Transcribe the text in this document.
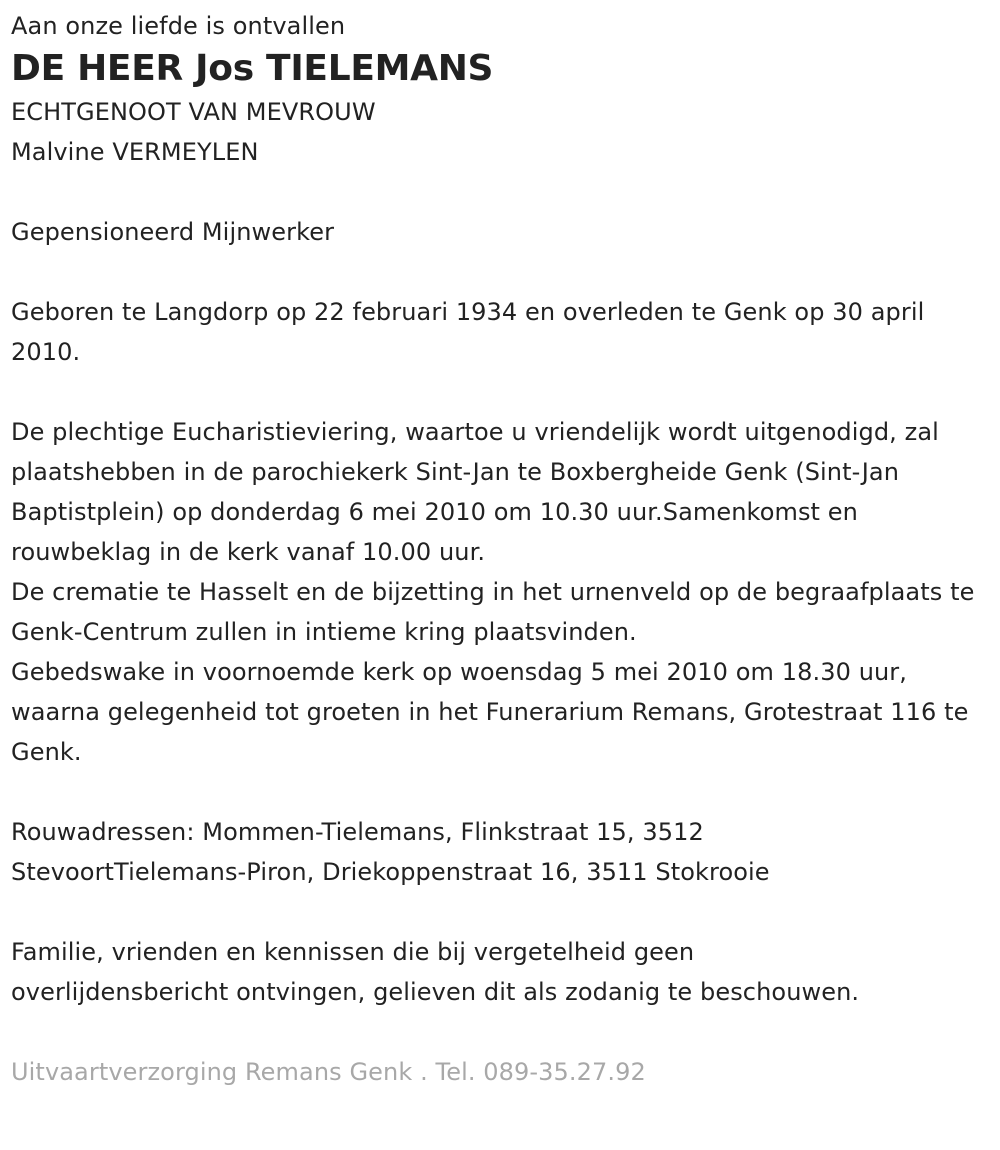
Aan onze liefde is ontvallen

DE HEER Jos TIELEMANS

ECHTGENOOT VAN MEVROUW

Malvine VERMEYLEN

Gepensioneerd Mijnwerker

Geboren te Langdorp op 22 februari 1934 en overleden te Genk op 30 april 2010.

De plechtige Eucharistieviering, waartoe u vriendelijk wordt uitgenodigd, zal plaatshebben in de parochiekerk Sint-Jan te Boxbergheide Genk (Sint-Jan Baptistplein) op donderdag 6 mei 2010 om 10.30 uur.Samenkomst en rouwbeklag in de kerk vanaf 10.00 uur.

De crematie te Hasselt en de bijzetting in het urnenveld op de begraafplaats te Genk-Centrum zullen in intieme kring plaatsvinden.

Gebedswake in voornoemde kerk op woensdag 5 mei 2010 om 18.30 uur, waarna gelegenheid tot groeten in het Funerarium Remans, Grotestraat 116 te Genk.

Rouwadressen: Mommen-Tielemans, Flinkstraat 15, 3512

StevoortTielemans-Piron, Driekoppenstraat 16, 3511 Stokrooie

Familie, vrienden en kennissen die bij vergetelheid geen

overlijdensbericht ontvingen, gelieven dit als zodanig te beschouwen.

Uitvaartverzorging Remans Genk . Tel. 089-35.27.92
